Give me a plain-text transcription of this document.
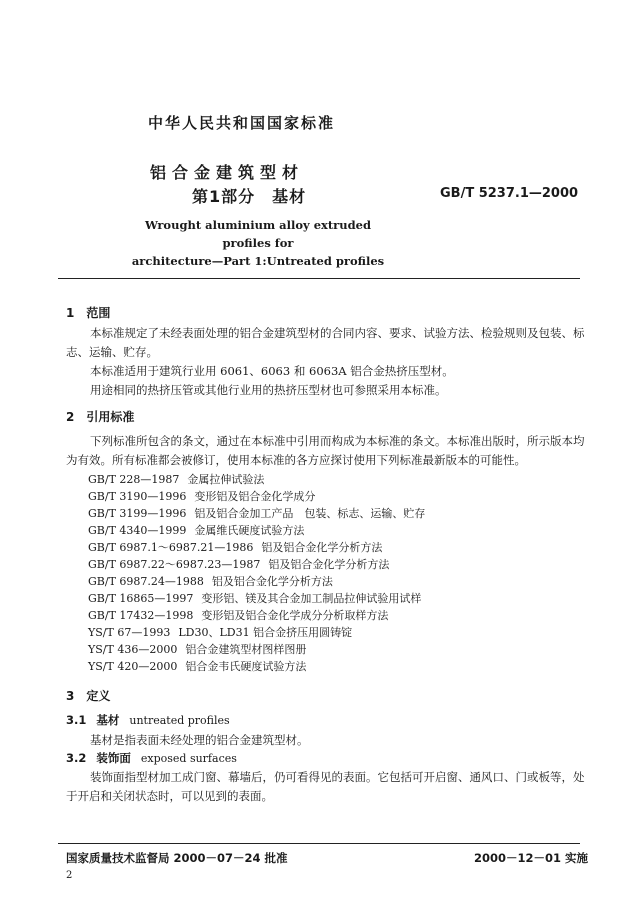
中华人民共和国国家标准
铝合金建筑型材
第1部分　基材	GB/T 5237.1—2000
Wrought aluminium alloy extruded profiles for
architecture—Part 1:Untreated profiles
1　范围
本标准规定了未经表面处理的铝合金建筑型材的合同内容、要求、试验方法、检验规则及包装、标志、运输、贮存。
本标准适用于建筑行业用 6061、6063 和 6063A 铝合金热挤压型材。
用途相同的热挤压管或其他行业用的热挤压型材也可参照采用本标准。
2　引用标准
下列标准所包含的条文，通过在本标准中引用而构成为本标准的条文。本标准出版时，所示版本均为有效。所有标准都会被修订，使用本标准的各方应探讨使用下列标准最新版本的可能性。
GB/T 228—1987 金属拉伸试验法
GB/T 3190—1996 变形铝及铝合金化学成分
GB/T 3199—1996 铝及铝合金加工产品　包装、标志、运输、贮存
GB/T 4340—1999 金属维氏硬度试验方法
GB/T 6987.1～6987.21—1986 铝及铝合金化学分析方法
GB/T 6987.22～6987.23—1987 铝及铝合金化学分析方法
GB/T 6987.24—1988 铝及铝合金化学分析方法
GB/T 16865—1997 变形铝、镁及其合金加工制品拉伸试验用试样
GB/T 17432—1998 变形铝及铝合金化学成分分析取样方法
YS/T 67—1993 LD30、LD31 铝合金挤压用圆铸锭
YS/T 436—2000 铝合金建筑型材图样图册
YS/T 420—2000 铝合金韦氏硬度试验方法
3　定义
3.1 基材 untreated profiles
基材是指表面未经处理的铝合金建筑型材。
3.2 装饰面 exposed surfaces
装饰面指型材加工成门窗、幕墙后，仍可看得见的表面。它包括可开启窗、通风口、门或板等，处于开启和关闭状态时，可以见到的表面。
国家质量技术监督局 2000－07－24 批准	2000－12－01 实施
2
